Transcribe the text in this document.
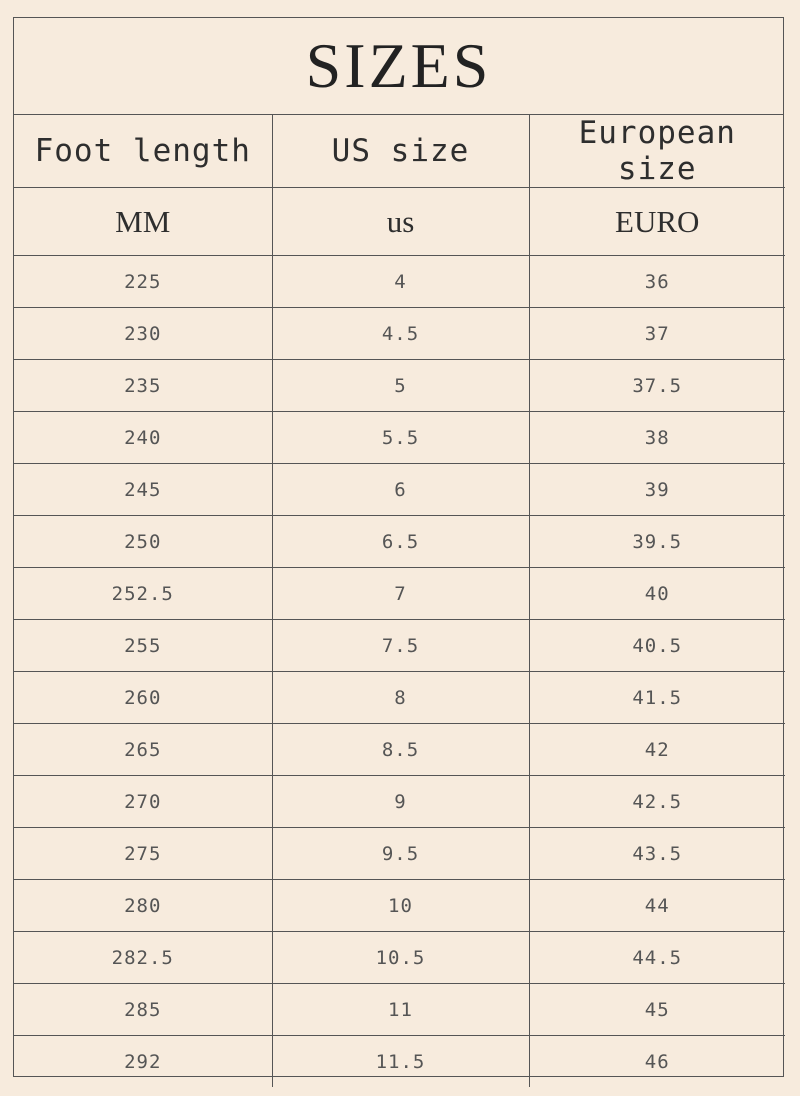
SIZES
Foot length	US size	European size
MM	us	EURO
225	4	36
230	4.5	37
235	5	37.5
240	5.5	38
245	6	39
250	6.5	39.5
252.5	7	40
255	7.5	40.5
260	8	41.5
265	8.5	42
270	9	42.5
275	9.5	43.5
280	10	44
282.5	10.5	44.5
285	11	45
292	11.5	46
